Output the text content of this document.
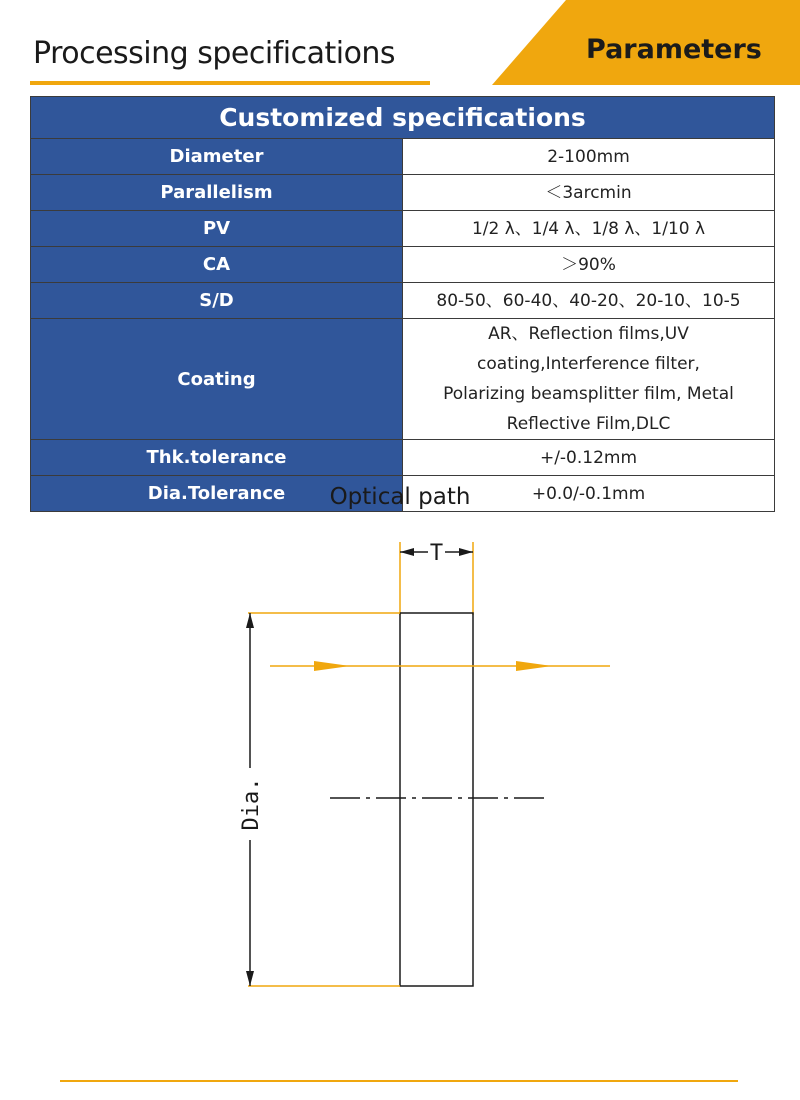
Processing specifications	Parameters
Customized specifications	
Diameter	2-100mm
Parallelism	＜3arcmin
PV	1/2 λ、1/4 λ、1/8 λ、1/10 λ
CA	＞90%
S/D	80-50、60-40、40-20、20-10、10-5
Coating	AR、Reflection films,UV coating,Interference filter,
Polarizing beamsplitter film, Metal Reflective Film,DLC

Thk.tolerance	+/-0.12mm
Dia.Tolerance	+0.0/-0.1mm
Optical path
T
Dia.
